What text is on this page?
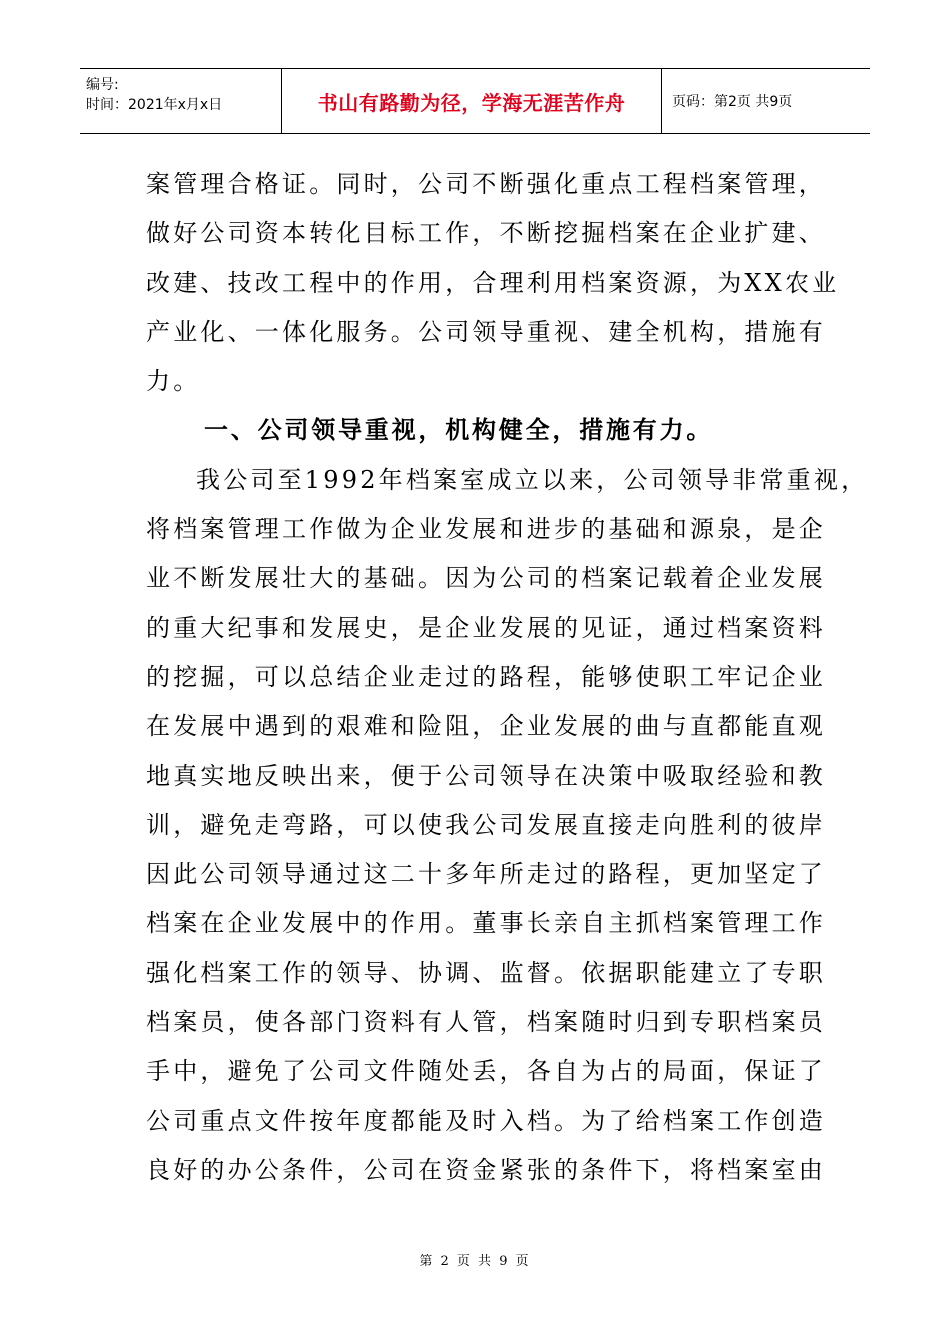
编号:
时间：2021年x月x日	书山有路勤为径，学海无涯苦作舟	页码：第2页 共9页
案管理合格证。同时，公司不断强化重点工程档案管理，
做好公司资本转化目标工作，不断挖掘档案在企业扩建、
改建、技改工程中的作用，合理利用档案资源，为XX农业
产业化、一体化服务。公司领导重视、建全机构，措施有
力。
一、公司领导重视，机构健全，措施有力。
我公司至1992年档案室成立以来，公司领导非常重视，
将档案管理工作做为企业发展和进步的基础和源泉，是企
业不断发展壮大的基础。因为公司的档案记载着企业发展
的重大纪事和发展史，是企业发展的见证，通过档案资料
的挖掘，可以总结企业走过的路程，能够使职工牢记企业
在发展中遇到的艰难和险阻，企业发展的曲与直都能直观
地真实地反映出来，便于公司领导在决策中吸取经验和教
训，避免走弯路，可以使我公司发展直接走向胜利的彼岸
因此公司领导通过这二十多年所走过的路程，更加坚定了
档案在企业发展中的作用。董事长亲自主抓档案管理工作
强化档案工作的领导、协调、监督。依据职能建立了专职
档案员，使各部门资料有人管，档案随时归到专职档案员
手中，避免了公司文件随处丢，各自为占的局面，保证了
公司重点文件按年度都能及时入档。为了给档案工作创造
良好的办公条件，公司在资金紧张的条件下，将档案室由
第 2 页 共 9 页
